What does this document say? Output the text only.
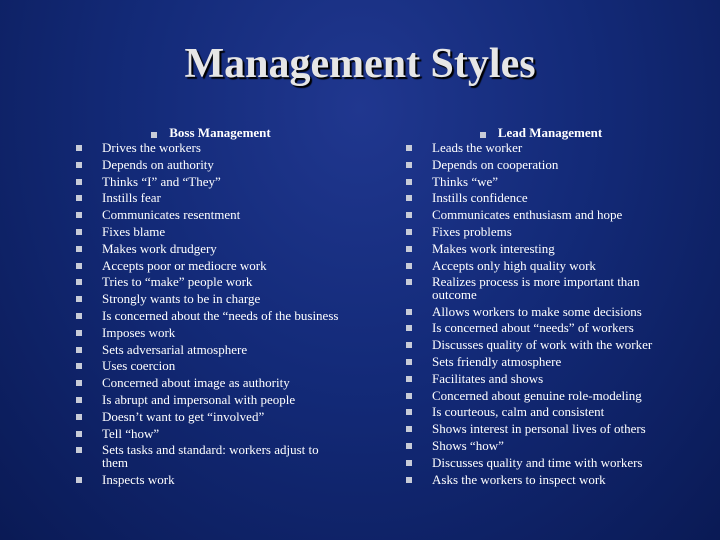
Management Styles
Boss Management
Drives the workers
Depends on authority
Thinks “I” and “They”
Instills fear
Communicates resentment
Fixes blame
Makes work drudgery
Accepts poor or mediocre work
Tries to “make” people work
Strongly wants to be in charge
Is concerned about the “needs of the business
Imposes work
Sets adversarial atmosphere
Uses coercion
Concerned about image as authority
Is abrupt and impersonal with people
Doesn’t want to get “involved”
Tell “how”
Sets tasks and standard: workers adjust to them
Inspects work
Lead Management
Leads the worker
Depends on cooperation
Thinks “we”
Instills confidence
Communicates enthusiasm and hope
Fixes problems
Makes work interesting
Accepts only high quality work
Realizes process is more important than outcome
Allows workers to make some decisions
Is concerned about “needs” of workers
Discusses quality of work with the worker
Sets friendly atmosphere
Facilitates and shows
Concerned about genuine role-modeling
Is courteous, calm and consistent
Shows interest in personal lives of others
Shows “how”
Discusses quality and time with workers
Asks the workers to inspect work
